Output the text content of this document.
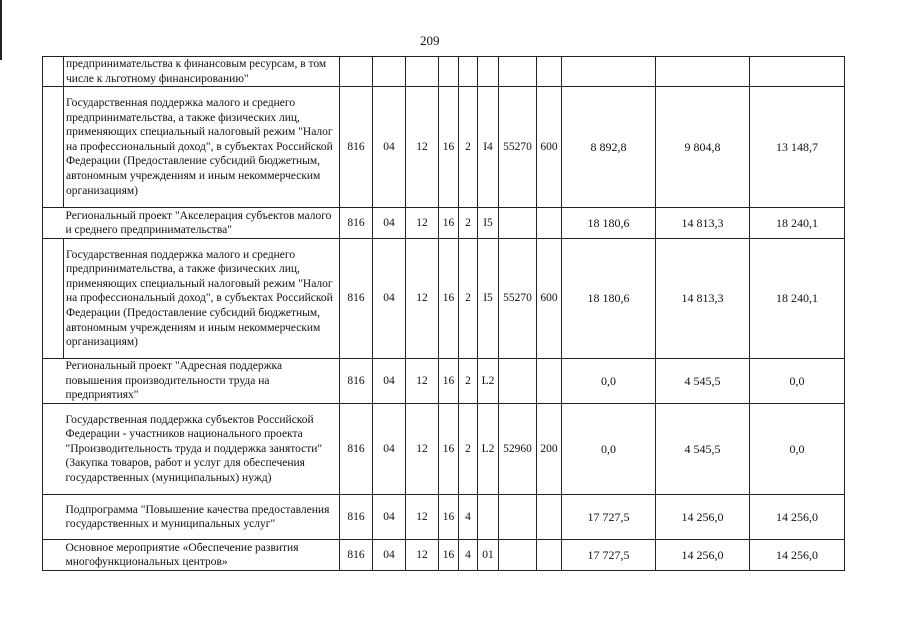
209
	предпринимательства к финансовым ресурсам, в том числе к льготному финансированию"											
	Государственная поддержка малого и среднего предпринимательства, а также физических лиц, применяющих специальный налоговый режим "Налог на профессиональный доход", в субъектах Российской Федерации (Предоставление субсидий бюджетным, автономным учреждениям и иным некоммерческим организациям)	816	04	12	16	2	I4	55270	600	8 892,8	9 804,8	13 148,7
	Региональный проект "Акселерация субъектов малого и среднего предпринимательства"	816	04	12	16	2	I5			18 180,6	14 813,3	18 240,1
	Государственная поддержка малого и среднего предпринимательства, а также физических лиц, применяющих специальный налоговый режим "Налог на профессиональный доход", в субъектах Российской Федерации (Предоставление субсидий бюджетным, автономным учреждениям и иным некоммерческим организациям)	816	04	12	16	2	I5	55270	600	18 180,6	14 813,3	18 240,1
	Региональный проект "Адресная поддержка повышения производительности труда на предприятиях"	816	04	12	16	2	L2			0,0	4 545,5	0,0
	Государственная поддержка субъектов Российской Федерации - участников национального проекта "Производительность труда и поддержка занятости" (Закупка товаров, работ и услуг для обеспечения государственных (муниципальных) нужд)	816	04	12	16	2	L2	52960	200	0,0	4 545,5	0,0
	Подпрограмма "Повышение качества предоставления государственных и муниципальных услуг"	816	04	12	16	4				17 727,5	14 256,0	14 256,0
	Основное мероприятие «Обеспечение развития многофункциональных центров»	816	04	12	16	4	01			17 727,5	14 256,0	14 256,0
